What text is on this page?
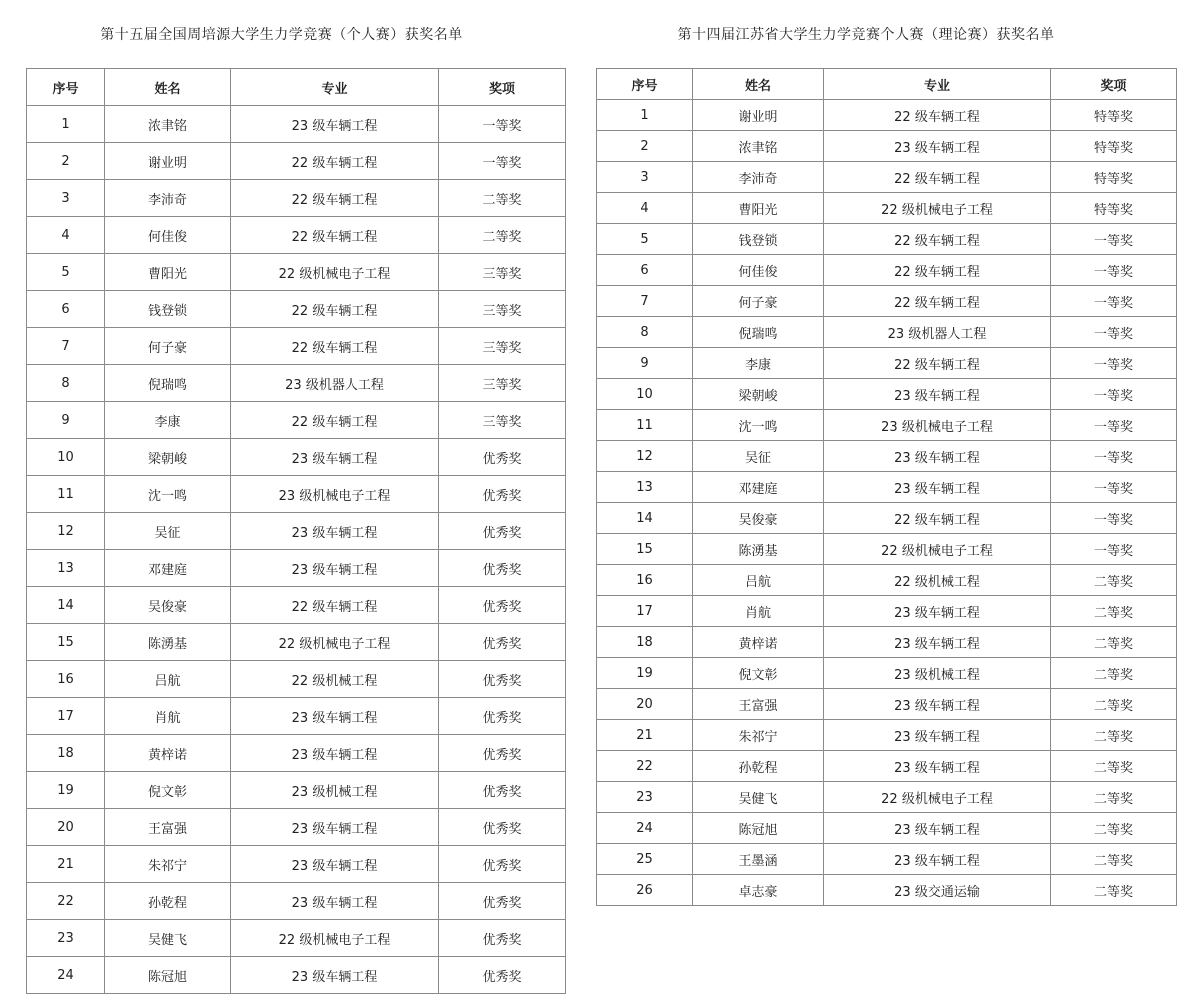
第十五届全国周培源大学生力学竞赛（个人赛）获奖名单
序号	姓名	专业	奖项
1	浓聿铭	23 级车辆工程	一等奖
2	谢业明	22 级车辆工程	一等奖
3	李沛奇	22 级车辆工程	二等奖
4	何佳俊	22 级车辆工程	二等奖
5	曹阳光	22 级机械电子工程	三等奖
6	钱登锁	22 级车辆工程	三等奖
7	何子豪	22 级车辆工程	三等奖
8	倪瑞鸣	23 级机器人工程	三等奖
9	李康	22 级车辆工程	三等奖
10	梁朝峻	23 级车辆工程	优秀奖
11	沈一鸣	23 级机械电子工程	优秀奖
12	吴征	23 级车辆工程	优秀奖
13	邓建庭	23 级车辆工程	优秀奖
14	吴俊豪	22 级车辆工程	优秀奖
15	陈湧基	22 级机械电子工程	优秀奖
16	吕航	22 级机械工程	优秀奖
17	肖航	23 级车辆工程	优秀奖
18	黄梓诺	23 级车辆工程	优秀奖
19	倪文彰	23 级机械工程	优秀奖
20	王富强	23 级车辆工程	优秀奖
21	朱祁宁	23 级车辆工程	优秀奖
22	孙乾程	23 级车辆工程	优秀奖
23	吴健飞	22 级机械电子工程	优秀奖
24	陈冠旭	23 级车辆工程	优秀奖
第十四届江苏省大学生力学竞赛个人赛（理论赛）获奖名单
序号	姓名	专业	奖项
1	谢业明	22 级车辆工程	特等奖
2	浓聿铭	23 级车辆工程	特等奖
3	李沛奇	22 级车辆工程	特等奖
4	曹阳光	22 级机械电子工程	特等奖
5	钱登锁	22 级车辆工程	一等奖
6	何佳俊	22 级车辆工程	一等奖
7	何子豪	22 级车辆工程	一等奖
8	倪瑞鸣	23 级机器人工程	一等奖
9	李康	22 级车辆工程	一等奖
10	梁朝峻	23 级车辆工程	一等奖
11	沈一鸣	23 级机械电子工程	一等奖
12	吴征	23 级车辆工程	一等奖
13	邓建庭	23 级车辆工程	一等奖
14	吴俊豪	22 级车辆工程	一等奖
15	陈湧基	22 级机械电子工程	一等奖
16	吕航	22 级机械工程	二等奖
17	肖航	23 级车辆工程	二等奖
18	黄梓诺	23 级车辆工程	二等奖
19	倪文彰	23 级机械工程	二等奖
20	王富强	23 级车辆工程	二等奖
21	朱祁宁	23 级车辆工程	二等奖
22	孙乾程	23 级车辆工程	二等奖
23	吴健飞	22 级机械电子工程	二等奖
24	陈冠旭	23 级车辆工程	二等奖
25	王墨涵	23 级车辆工程	二等奖
26	卓志豪	23 级交通运输	二等奖
